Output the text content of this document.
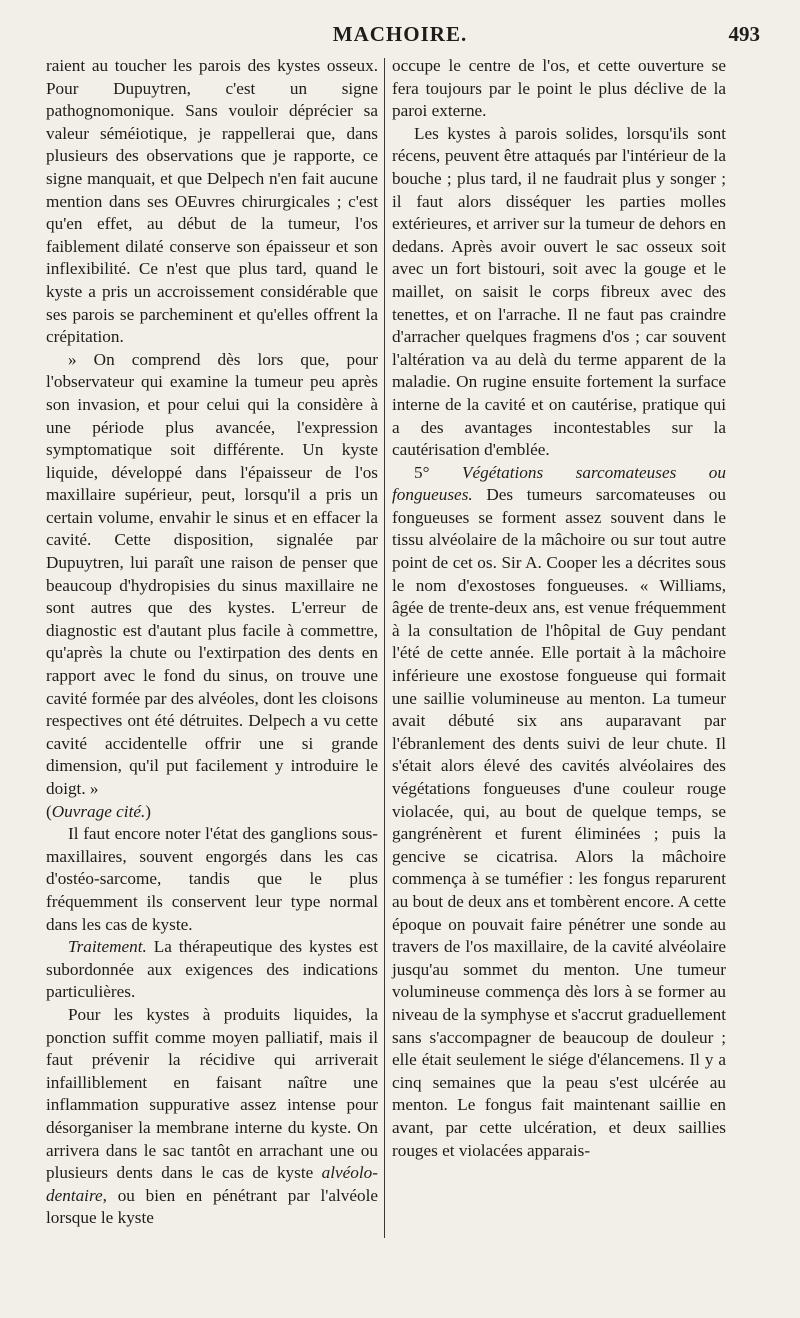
MACHOIRE.	493

raient au toucher les parois des kystes osseux. Pour Dupuytren, c'est un signe pathognomonique. Sans vouloir déprécier sa valeur séméiotique, je rappellerai que, dans plusieurs des observations que je rapporte, ce signe manquait, et que Delpech n'en fait aucune mention dans ses OEuvres chirurgicales ; c'est qu'en effet, au début de la tumeur, l'os faiblement dilaté conserve son épaisseur et son inflexibilité. Ce n'est que plus tard, quand le kyste a pris un accroissement considérable que ses parois se parcheminent et qu'elles offrent la crépitation.

» On comprend dès lors que, pour l'observateur qui examine la tumeur peu après son invasion, et pour celui qui la considère à une période plus avancée, l'expression symptomatique soit différente. Un kyste liquide, développé dans l'épaisseur de l'os maxillaire supérieur, peut, lorsqu'il a pris un certain volume, envahir le sinus et en effacer la cavité. Cette disposition, signalée par Dupuytren, lui paraît une raison de penser que beaucoup d'hydropisies du sinus maxillaire ne sont autres que des kystes. L'erreur de diagnostic est d'autant plus facile à commettre, qu'après la chute ou l'extirpation des dents en rapport avec le fond du sinus, on trouve une cavité formée par des alvéoles, dont les cloisons respectives ont été détruites. Delpech a vu cette cavité accidentelle offrir une si grande dimension, qu'il put facilement y introduire le doigt. »

(Ouvrage cité.)

Il faut encore noter l'état des ganglions sous-maxillaires, souvent engorgés dans les cas d'ostéo-sarcome, tandis que le plus fréquemment ils conservent leur type normal dans les cas de kyste.

Traitement. La thérapeutique des kystes est subordonnée aux exigences des indications particulières.

Pour les kystes à produits liquides, la ponction suffit comme moyen palliatif, mais il faut prévenir la récidive qui arriverait infailliblement en faisant naître une inflammation suppurative assez intense pour désorganiser la membrane interne du kyste. On arrivera dans le sac tantôt en arrachant une ou plusieurs dents dans le cas de kyste alvéolo-dentaire, ou bien en pénétrant par l'alvéole lorsque le kyste

occupe le centre de l'os, et cette ouverture se fera toujours par le point le plus déclive de la paroi externe.

Les kystes à parois solides, lorsqu'ils sont récens, peuvent être attaqués par l'intérieur de la bouche ; plus tard, il ne faudrait plus y songer ; il faut alors disséquer les parties molles extérieures, et arriver sur la tumeur de dehors en dedans. Après avoir ouvert le sac osseux soit avec un fort bistouri, soit avec la gouge et le maillet, on saisit le corps fibreux avec des tenettes, et on l'arrache. Il ne faut pas craindre d'arracher quelques fragmens d'os ; car souvent l'altération va au delà du terme apparent de la maladie. On rugine ensuite fortement la surface interne de la cavité et on cautérise, pratique qui a des avantages incontestables sur la cautérisation d'emblée.

5° Végétations sarcomateuses ou fongueuses. Des tumeurs sarcomateuses ou fongueuses se forment assez souvent dans le tissu alvéolaire de la mâchoire ou sur tout autre point de cet os. Sir A. Cooper les a décrites sous le nom d'exostoses fongueuses. « Williams, âgée de trente-deux ans, est venue fréquemment à la consultation de l'hôpital de Guy pendant l'été de cette année. Elle portait à la mâchoire inférieure une exostose fongueuse qui formait une saillie volumineuse au menton. La tumeur avait débuté six ans auparavant par l'ébranlement des dents suivi de leur chute. Il s'était alors élevé des cavités alvéolaires des végétations fongueuses d'une couleur rouge violacée, qui, au bout de quelque temps, se gangrénèrent et furent éliminées ; puis la gencive se cicatrisa. Alors la mâchoire commença à se tuméfier : les fongus reparurent au bout de deux ans et tombèrent encore. A cette époque on pouvait faire pénétrer une sonde au travers de l'os maxillaire, de la cavité alvéolaire jusqu'au sommet du menton. Une tumeur volumineuse commença dès lors à se former au niveau de la symphyse et s'accrut graduellement sans s'accompagner de beaucoup de douleur ; elle était seulement le siége d'élancemens. Il y a cinq semaines que la peau s'est ulcérée au menton. Le fongus fait maintenant saillie en avant, par cette ulcération, et deux saillies rouges et violacées apparais-
